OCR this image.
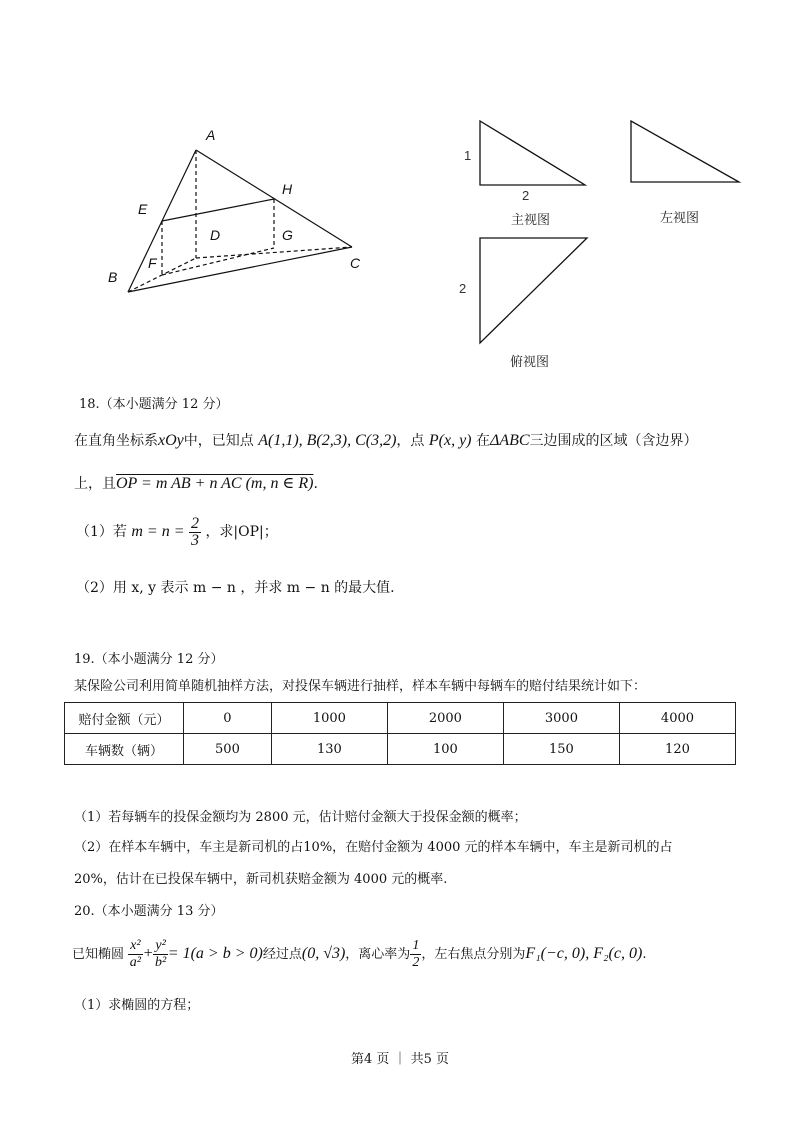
A
H
E
D	G
F
B
C
1
2
主视图	左视图
2
俯视图
18.（本小题满分 12 分）
在直角坐标系xOy中，已知点 A(1,1), B(2,3), C(3,2)，点 P(x, y) 在ΔABC三边围成的区域（含边界）
上，且OP = m AB + n AC (m, n ∈ R).
（1）若 $m = n = \frac{2}{3}$ ，求|OP|；
（2）用 x, y 表示 m − n ，并求 m − n 的最大值.
19.（本小题满分 12 分）
某保险公司利用简单随机抽样方法，对投保车辆进行抽样，样本车辆中每辆车的赔付结果统计如下：
赔付金额（元）	0	1000	2000	3000	4000
车辆数（辆）	500	130	100	150	120
（1）若每辆车的投保金额均为 2800 元，估计赔付金额大于投保金额的概率；
（2）在样本车辆中，车主是新司机的占10%，在赔付金额为 4000 元的样本车辆中，车主是新司机的占
20%，估计在已投保车辆中，新司机获赔金额为 4000 元的概率.
20.（本小题满分 13 分）
已知椭圆 $\frac{\text{x²}}{\text{a²}} + \frac{\text{y²}}{\text{b²}} = 1(a > b > 0)$经过点(0, √3)，离心率为 $\frac{1}{2}$ ，左右焦点分别为F₁(−c, 0), F₂(c, 0).
（1）求椭圆的方程；
第4 页 ｜ 共5 页
